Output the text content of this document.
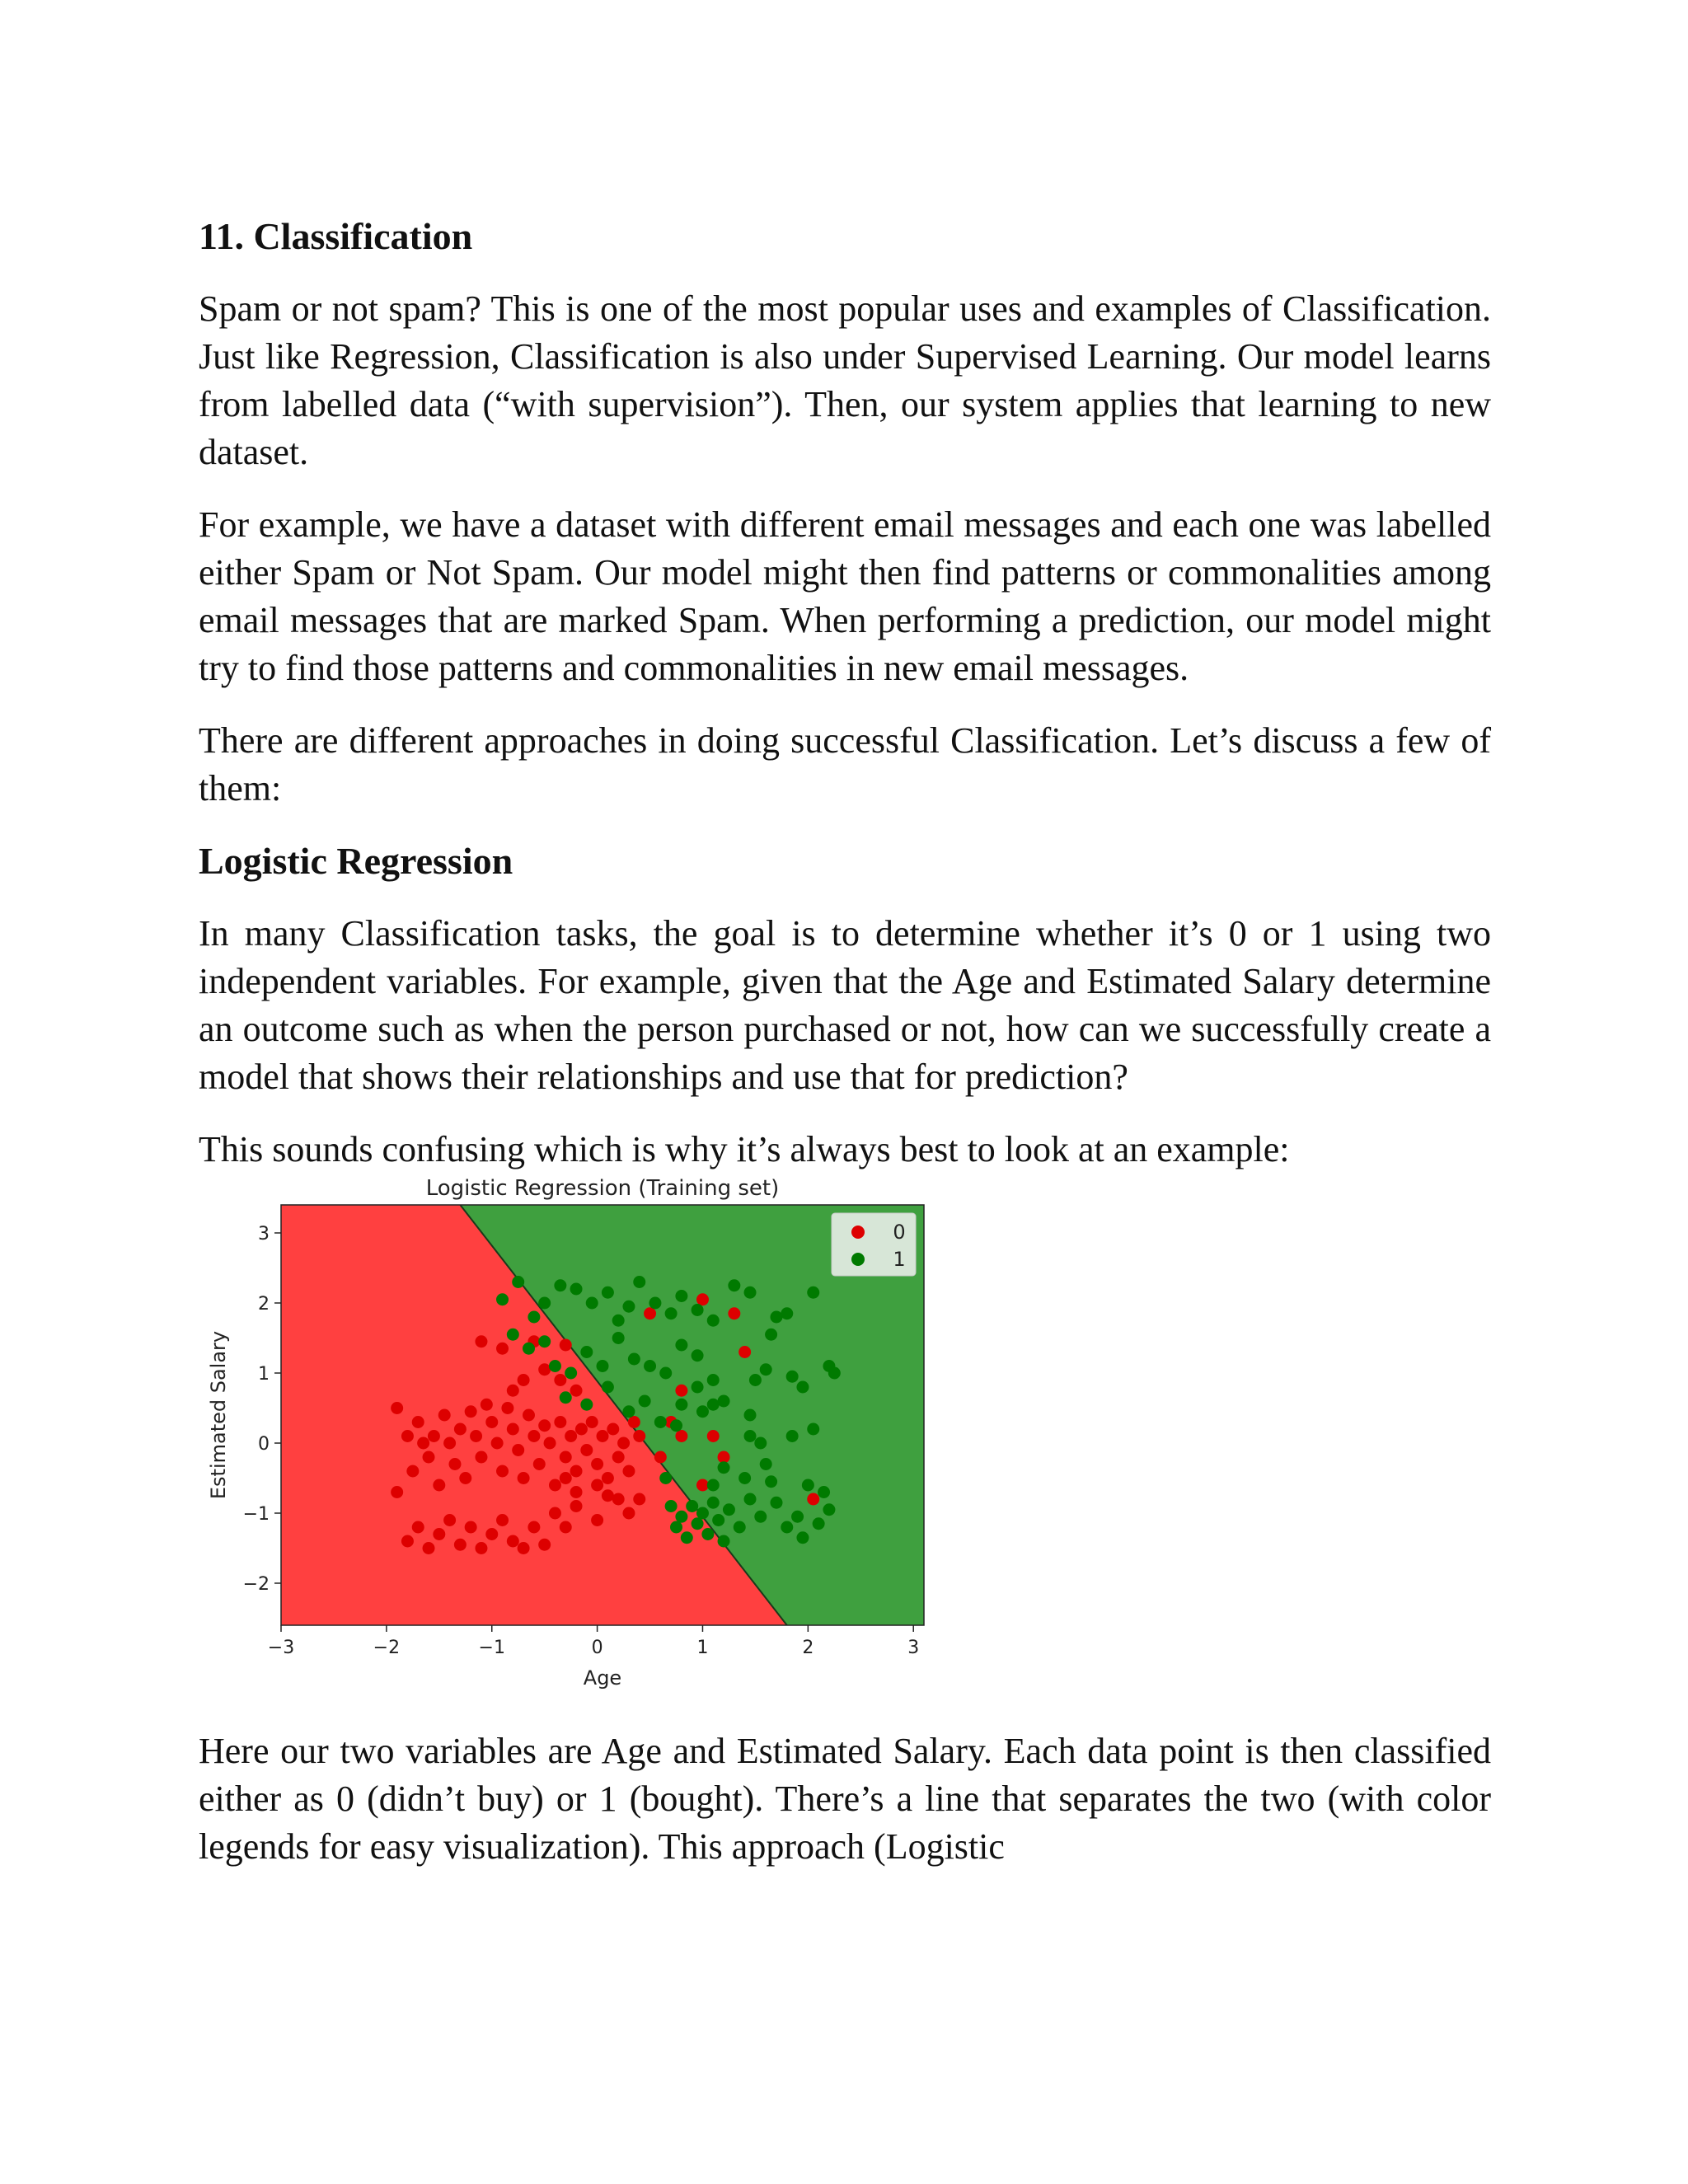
11. Classification

Spam or not spam? This is one of the most popular uses and examples of Classification. Just like Regression, Classification is also under Supervised Learning. Our model learns from labelled data (“with supervision”). Then, our system applies that learning to new dataset.

For example, we have a dataset with different email messages and each one was labelled either Spam or Not Spam. Our model might then find patterns or commonalities among email messages that are marked Spam. When performing a prediction, our model might try to find those patterns and commonalities in new email messages.

There are different approaches in doing successful Classification. Let’s discuss a few of them:

Logistic Regression

In many Classification tasks, the goal is to determine whether it’s 0 or 1 using two independent variables. For example, given that the Age and Estimated Salary determine an outcome such as when the person purchased or not, how can we successfully create a model that shows their relationships and use that for prediction?

This sounds confusing which is why it’s always best to look at an example:

−3	−2	−1	0	1	2	3
−2
−1
0
1
2
3
Logistic Regression (Training set)
Age
Estimated Salary
0
1

Here our two variables are Age and Estimated Salary. Each data point is then classified either as 0 (didn’t buy) or 1 (bought). There’s a line that separates the two (with color legends for easy visualization). This approach (Logistic
